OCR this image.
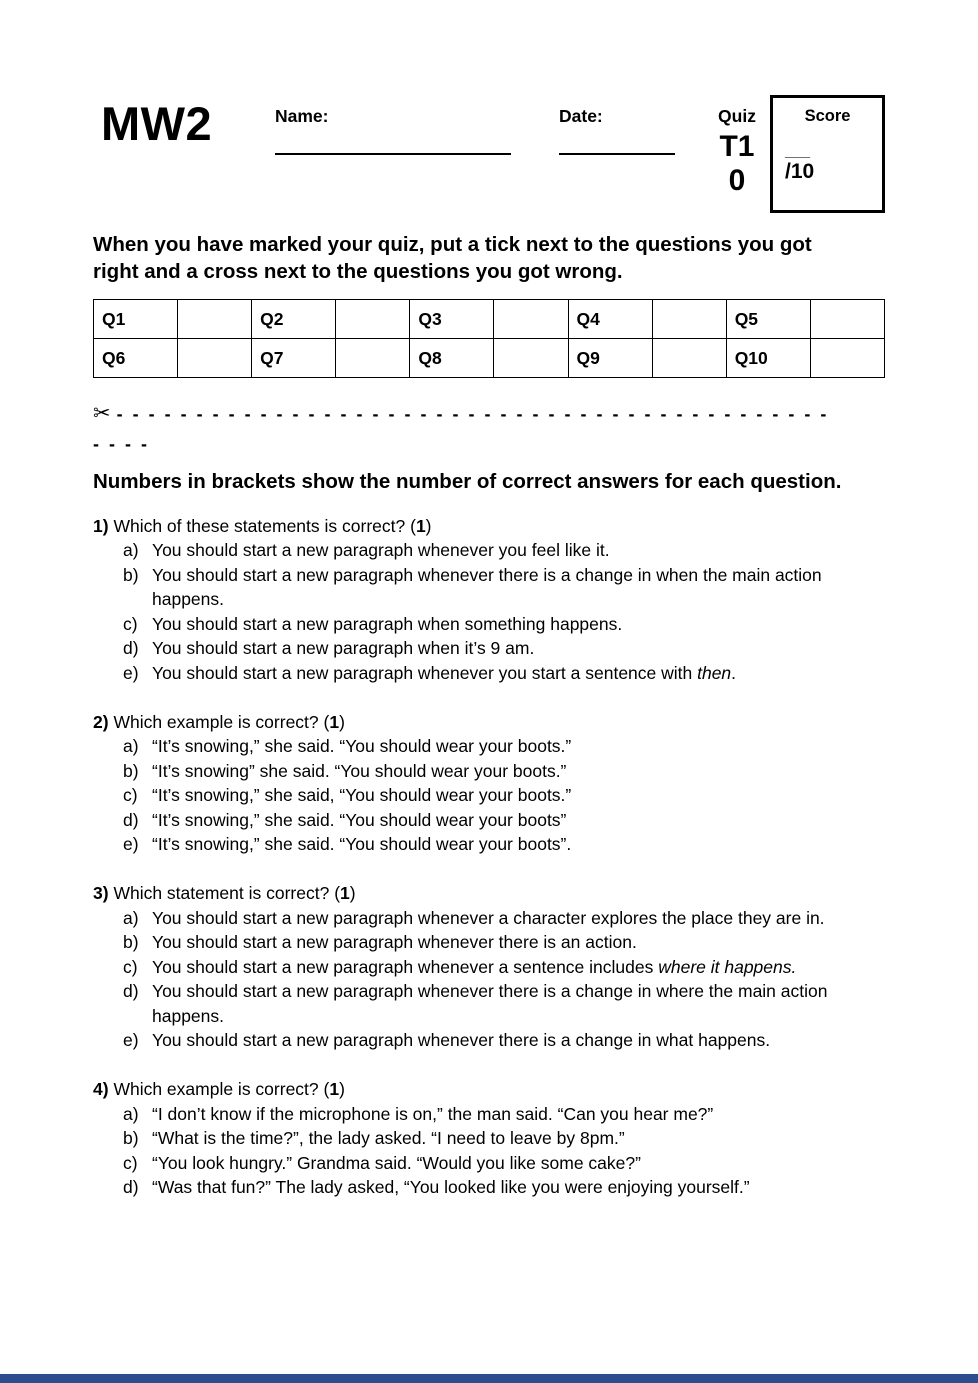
MW2	Name:	Date:	Quiz
T10
Score
___
/10

When you have marked your quiz, put a tick next to the questions you got right and a cross next to the questions you got wrong.

Q1		Q2		Q3		Q4		Q5	
Q6		Q7		Q8		Q9		Q10	
✂ - - - - - - - - - - - - - - - - - - - - - - - - - - - - - - - - - - - - - - - - - - - - -
- - - -

Numbers in brackets show the number of correct answers for each question.

1) Which of these statements is correct? (1)

a) You should start a new paragraph whenever you feel like it.
b) You should start a new paragraph whenever there is a change in when the main action happens.
c) You should start a new paragraph when something happens.
d) You should start a new paragraph when it’s 9 am.
e) You should start a new paragraph whenever you start a sentence with then.

2) Which example is correct? (1)

a) “It’s snowing,” she said. “You should wear your boots.”
b) “It’s snowing” she said. “You should wear your boots.”
c) “It’s snowing,” she said, “You should wear your boots.”
d) “It’s snowing,” she said. “You should wear your boots”
e) “It’s snowing,” she said. “You should wear your boots”.

3) Which statement is correct? (1)

a) You should start a new paragraph whenever a character explores the place they are in.
b) You should start a new paragraph whenever there is an action.
c) You should start a new paragraph whenever a sentence includes where it happens.
d) You should start a new paragraph whenever there is a change in where the main action happens.
e) You should start a new paragraph whenever there is a change in what happens.

4) Which example is correct? (1)

a) “I don’t know if the microphone is on,” the man said. “Can you hear me?”
b) “What is the time?”, the lady asked. “I need to leave by 8pm.”
c) “You look hungry.” Grandma said. “Would you like some cake?”
d) “Was that fun?” The lady asked, “You looked like you were enjoying yourself.”
